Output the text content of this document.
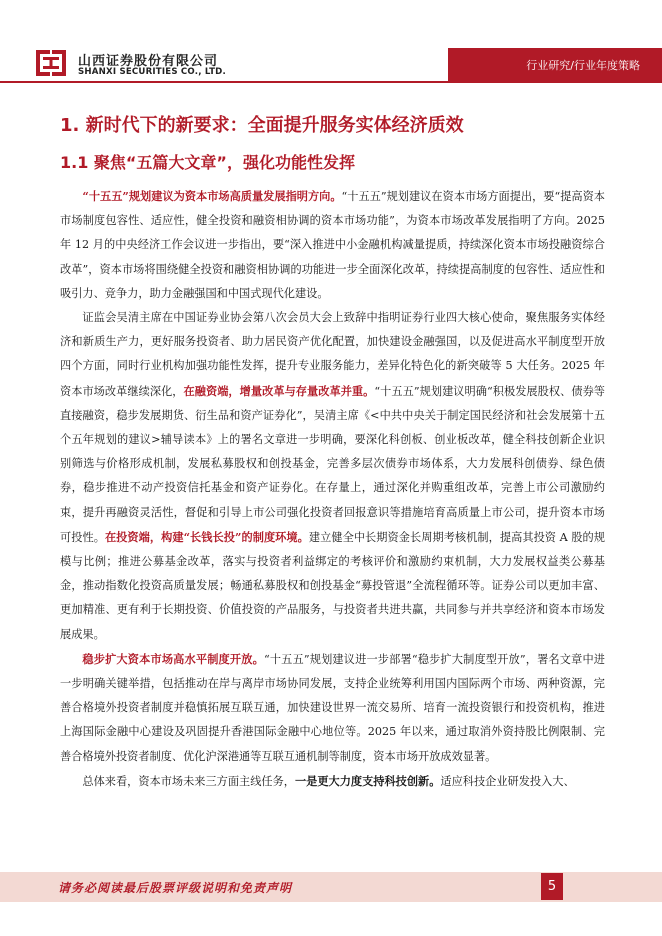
山西证券股份有限公司
SHANXI SECURITIES CO., LTD.	行业研究/行业年度策略
1. 新时代下的新要求：全面提升服务实体经济质效
1.1 聚焦“五篇大文章”，强化功能性发挥

“十五五”规划建议为资本市场高质量发展指明方向。“十五五”规划建议在资本市场方面提出，要“提高资本市场制度包容性、适应性，健全投资和融资相协调的资本市场功能”，为资本市场改革发展指明了方向。2025 年 12 月的中央经济工作会议进一步指出，要“深入推进中小金融机构减量提质，持续深化资本市场投融资综合改革”，资本市场将围绕健全投资和融资相协调的功能进一步全面深化改革，持续提高制度的包容性、适应性和吸引力、竞争力，助力金融强国和中国式现代化建设。

证监会吴清主席在中国证券业协会第八次会员大会上致辞中指明证券行业四大核心使命，聚焦服务实体经济和新质生产力，更好服务投资者、助力居民资产优化配置，加快建设金融强国，以及促进高水平制度型开放四个方面，同时行业机构加强功能性发挥，提升专业服务能力，差异化特色化的新突破等 5 大任务。2025 年资本市场改革继续深化，在融资端，增量改革与存量改革并重。“十五五”规划建议明确“积极发展股权、债券等直接融资，稳步发展期货、衍生品和资产证券化”，吴清主席《<中共中央关于制定国民经济和社会发展第十五个五年规划的建议>辅导读本》上的署名文章进一步明确，要深化科创板、创业板改革，健全科技创新企业识别筛选与价格形成机制，发展私募股权和创投基金，完善多层次债券市场体系，大力发展科创债券、绿色债券，稳步推进不动产投资信托基金和资产证券化。在存量上，通过深化并购重组改革，完善上市公司激励约束，提升再融资灵活性，督促和引导上市公司强化投资者回报意识等措施培育高质量上市公司，提升资本市场可投性。在投资端，构建“长钱长投”的制度环境。建立健全中长期资金长周期考核机制，提高其投资 A 股的规模与比例；推进公募基金改革，落实与投资者利益绑定的考核评价和激励约束机制，大力发展权益类公募基金，推动指数化投资高质量发展；畅通私募股权和创投基金“募投管退”全流程循环等。证券公司以更加丰富、更加精准、更有利于长期投资、价值投资的产品服务，与投资者共进共赢，共同参与并共享经济和资本市场发展成果。

稳步扩大资本市场高水平制度开放。“十五五”规划建议进一步部署“稳步扩大制度型开放”，署名文章中进一步明确关键举措，包括推动在岸与离岸市场协同发展，支持企业统筹利用国内国际两个市场、两种资源，完善合格境外投资者制度并稳慎拓展互联互通，加快建设世界一流交易所、培育一流投资银行和投资机构，推进上海国际金融中心建设及巩固提升香港国际金融中心地位等。2025 年以来，通过取消外资持股比例限制、完善合格境外投资者制度、优化沪深港通等互联互通机制等制度，资本市场开放成效显著。

总体来看，资本市场未来三方面主线任务，一是更大力度支持科技创新。适应科技企业研发投入大、

请务必阅读最后股票评级说明和免责声明	5
